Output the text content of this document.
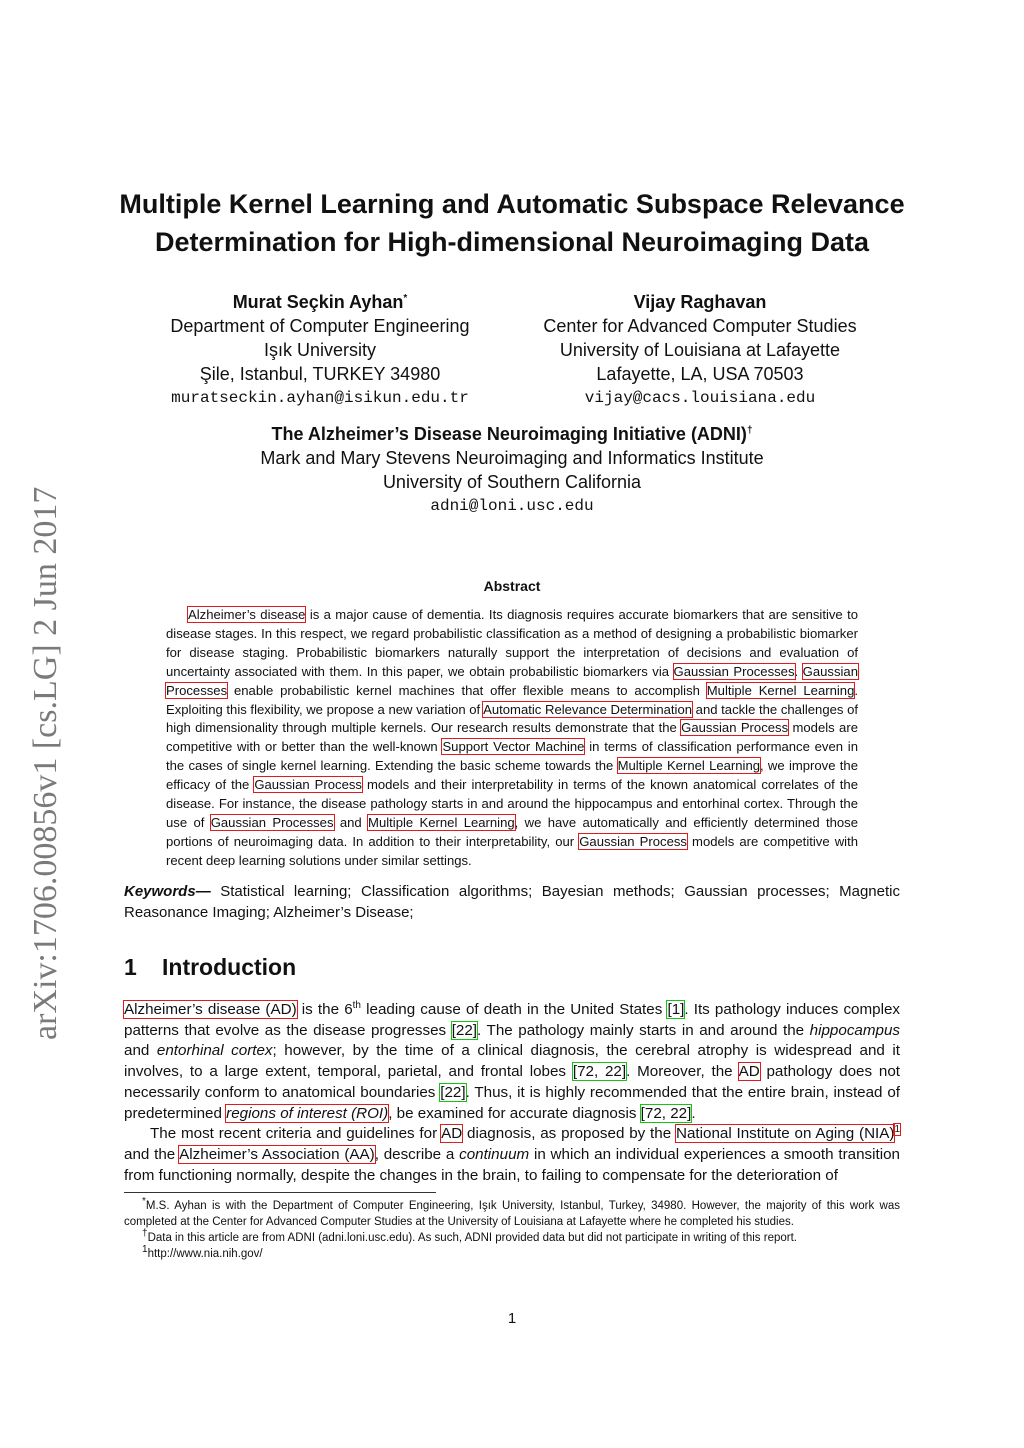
arXiv:1706.00856v1 [cs.LG] 2 Jun 2017
Multiple Kernel Learning and Automatic Subspace Relevance
Determination for High-dimensional Neuroimaging Data
Murat Seçkin Ayhan*
Department of Computer Engineering
Işık University
Şile, Istanbul, TURKEY 34980
muratseckin.ayhan@isikun.edu.tr
Vijay Raghavan
Center for Advanced Computer Studies
University of Louisiana at Lafayette
Lafayette, LA, USA 70503
vijay@cacs.louisiana.edu
The Alzheimer’s Disease Neuroimaging Initiative (ADNI)†
Mark and Mary Stevens Neuroimaging and Informatics Institute
University of Southern California
adni@loni.usc.edu
Abstract
Alzheimer’s disease is a major cause of dementia. Its diagnosis requires accurate biomarkers that are sensitive to disease stages. In this respect, we regard probabilistic classification as a method of designing a probabilistic biomarker for disease staging. Probabilistic biomarkers naturally support the interpretation of decisions and evaluation of uncertainty associated with them. In this paper, we obtain probabilistic biomarkers via Gaussian Processes. Gaussian Processes enable probabilistic kernel machines that offer flexible means to accomplish Multiple Kernel Learning. Exploiting this flexibility, we propose a new variation of Automatic Relevance Determination and tackle the challenges of high dimensionality through multiple kernels. Our research results demonstrate that the Gaussian Process models are competitive with or better than the well-known Support Vector Machine in terms of classification performance even in the cases of single kernel learning. Extending the basic scheme towards the Multiple Kernel Learning, we improve the efficacy of the Gaussian Process models and their interpretability in terms of the known anatomical correlates of the disease. For instance, the disease pathology starts in and around the hippocampus and entorhinal cortex. Through the use of Gaussian Processes and Multiple Kernel Learning, we have automatically and efficiently determined those portions of neuroimaging data. In addition to their interpretability, our Gaussian Process models are competitive with recent deep learning solutions under similar settings.
Keywords— Statistical learning; Classification algorithms; Bayesian methods; Gaussian processes; Magnetic Reasonance Imaging; Alzheimer’s Disease;
1 Introduction

Alzheimer’s disease (AD) is the 6th leading cause of death in the United States [1]. Its pathology induces complex patterns that evolve as the disease progresses [22]. The pathology mainly starts in and around the hippocampus and entorhinal cortex; however, by the time of a clinical diagnosis, the cerebral atrophy is widespread and it involves, to a large extent, temporal, parietal, and frontal lobes [72, 22]. Moreover, the AD pathology does not necessarily conform to anatomical boundaries [22]. Thus, it is highly recommended that the entire brain, instead of predetermined regions of interest (ROI), be examined for accurate diagnosis [72, 22].

The most recent criteria and guidelines for AD diagnosis, as proposed by the National Institute on Aging (NIA)$^1$ and the Alzheimer’s Association (AA), describe a continuum in which an individual experiences a smooth transition from functioning normally, despite the changes in the brain, to failing to compensate for the deterioration of

*M.S. Ayhan is with the Department of Computer Engineering, Işık University, Istanbul, Turkey, 34980. However, the majority of this work was completed at the Center for Advanced Computer Studies at the University of Louisiana at Lafayette where he completed his studies.

†Data in this article are from ADNI (adni.loni.usc.edu). As such, ADNI provided data but did not participate in writing of this report.

$^1$http://www.nia.nih.gov/

1
